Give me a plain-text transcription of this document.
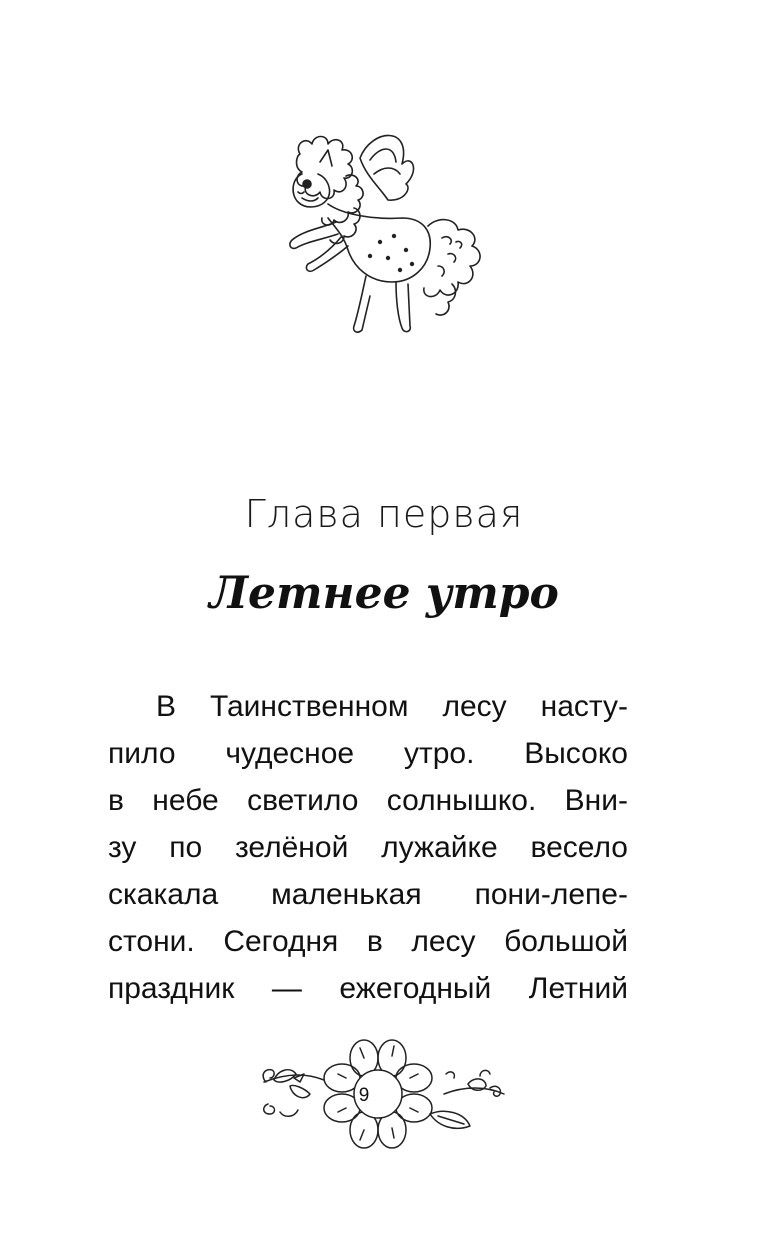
Глава первая
Летнее утро
В Таинственном лесу насту-
пило чудесное утро. Высоко
в небе светило солнышко. Вни-
зу по зелёной лужайке весело
скакала маленькая пони-лепе-
стони. Сегодня в лесу большой
праздник — ежегодный Летний
9
